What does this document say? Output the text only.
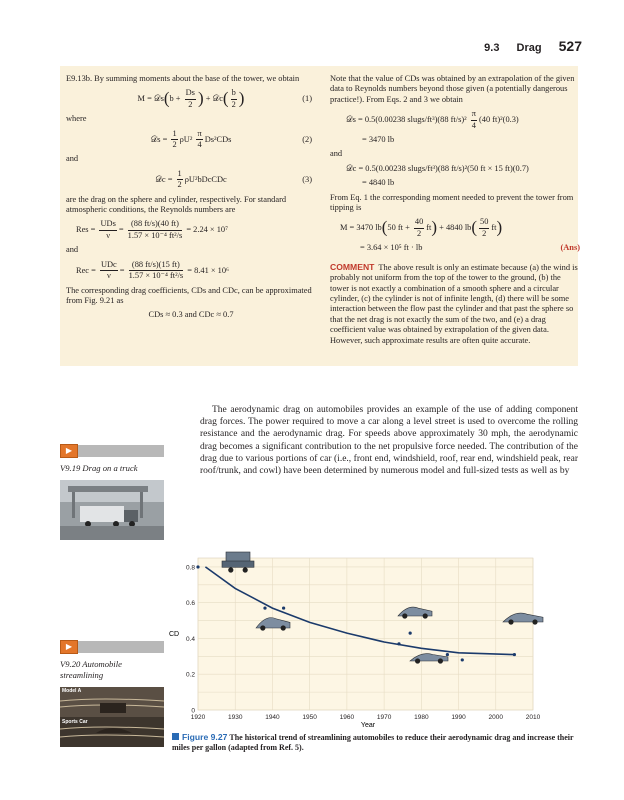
9.3 Drag 527

E9.13b. By summing moments about the base of the tower, we obtain

M = 𝒟s(b + $\frac{Ds}{2}$ ) + 𝒟c( $\frac{b}{2}$ )	(1)

where

𝒟s = $\frac{1}{2} \rho U^2 \frac{\pi}{4} Ds^2CDs$	(2)

and

𝒟c = $\frac{1}{2}$ ρU²bDcCDc	(3)

are the drag on the sphere and cylinder, respectively. For standard atmospheric conditions, the Reynolds numbers are

Res = $\frac{\text{UDs}}{\nu} = \frac{(88 ft/s)(40 ft)}{\text{1.57 × 10⁻⁴ ft²/s}} = 2.24 \times 10^7$

and

Rec = $\frac{\text{UDc}}{\nu} = \frac{(88 ft/s)(15 ft)}{\text{1.57 × 10⁻⁴ ft²/s}} = 8.41 \times 10^6$

The corresponding drag coefficients, CDs and CDc, can be approximated from Fig. 9.21 as

CDs ≈ 0.3 and CDc ≈ 0.7

Note that the value of CDs was obtained by an extrapolation of the given data to Reynolds numbers beyond those given (a potentially dangerous practice!). From Eqs. 2 and 3 we obtain

𝒟s = 0.5(0.00238 slugs/ft³)(88 $ft/s)^2 \frac{\pi}{4} (40$ ft)²(0.3)
= 3470 lb

and

𝒟c = 0.5(0.00238 slugs/ft³)(88 ft/s)²(50 ft × 15 ft)(0.7)
= 4840 lb

From Eq. 1 the corresponding moment needed to prevent the tower from tipping is

M = 3470 lb(50 ft + $\frac{40}{2} ft) + 4840$ $lb( \frac{50}{2} ft)$
= 3.64 × 10⁵ ft · lb	(Ans)

COMMENT The above result is only an estimate because (a) the wind is probably not uniform from the top of the tower to the ground, (b) the tower is not exactly a combination of a smooth sphere and a circular cylinder, (c) the cylinder is not of infinite length, (d) there will be some interaction between the flow past the cylinder and that past the sphere so that the net drag is not exactly the sum of the two, and (e) a drag coefficient value was obtained by extrapolation of the given data. However, such approximate results are often quite accurate.

▶
V9.19 Drag on a truck
▶
V9.20 Automobile streamlining
Model A
Sports Car

The aerodynamic drag on automobiles provides an example of the use of adding component drag forces. The power required to move a car along a level street is used to overcome the rolling resistance and the aerodynamic drag. For speeds above approximately 30 mph, the aerodynamic drag becomes a significant contribution to the net propulsive force needed. The contribution of the drag due to various portions of car (i.e., front end, windshield, roof, rear end, windshield peak, rear roof/trunk, and cowl) have been determined by numerous model and full-sized tests as well as by

1920	1930	1940	1950	1960	1970	1980	1990	2000	2010
0
0.2
0.4
0.6
0.8
Year
CD
Figure 9.27 The historical trend of streamlining automobiles to reduce their aerodynamic drag and increase their miles per gallon (adapted from Ref. 5).
